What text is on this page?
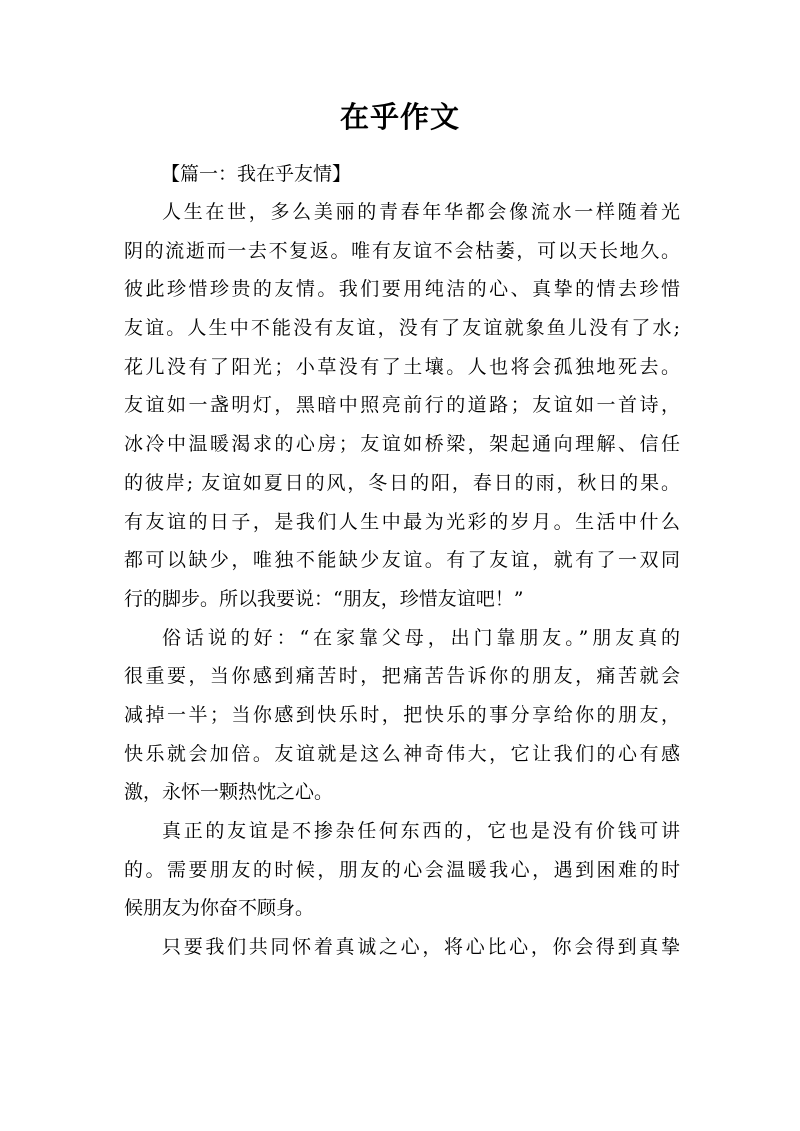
在乎作文
【篇一：我在乎友情】
人生在世，多么美丽的青春年华都会像流水一样随着光
阴的流逝而一去不复返。唯有友谊不会枯萎，可以天长地久。
彼此珍惜珍贵的友情。我们要用纯洁的心、真挚的情去珍惜
友谊。人生中不能没有友谊，没有了友谊就象鱼儿没有了水;
花儿没有了阳光；小草没有了土壤。人也将会孤独地死去。
友谊如一盏明灯，黑暗中照亮前行的道路；友谊如一首诗，
冰冷中温暖渴求的心房；友谊如桥梁，架起通向理解、信任
的彼岸; 友谊如夏日的风，冬日的阳，春日的雨，秋日的果。
有友谊的日子，是我们人生中最为光彩的岁月。生活中什么
都可以缺少，唯独不能缺少友谊。有了友谊，就有了一双同
行的脚步。所以我要说：“朋友，珍惜友谊吧！”
俗话说的好：“在家靠父母，出门靠朋友。”朋友真的
很重要，当你感到痛苦时，把痛苦告诉你的朋友，痛苦就会
减掉一半；当你感到快乐时，把快乐的事分享给你的朋友，
快乐就会加倍。友谊就是这么神奇伟大，它让我们的心有感
激，永怀一颗热忱之心。
真正的友谊是不掺杂任何东西的，它也是没有价钱可讲
的。需要朋友的时候，朋友的心会温暖我心，遇到困难的时
候朋友为你奋不顾身。
只要我们共同怀着真诚之心，将心比心，你会得到真挚
